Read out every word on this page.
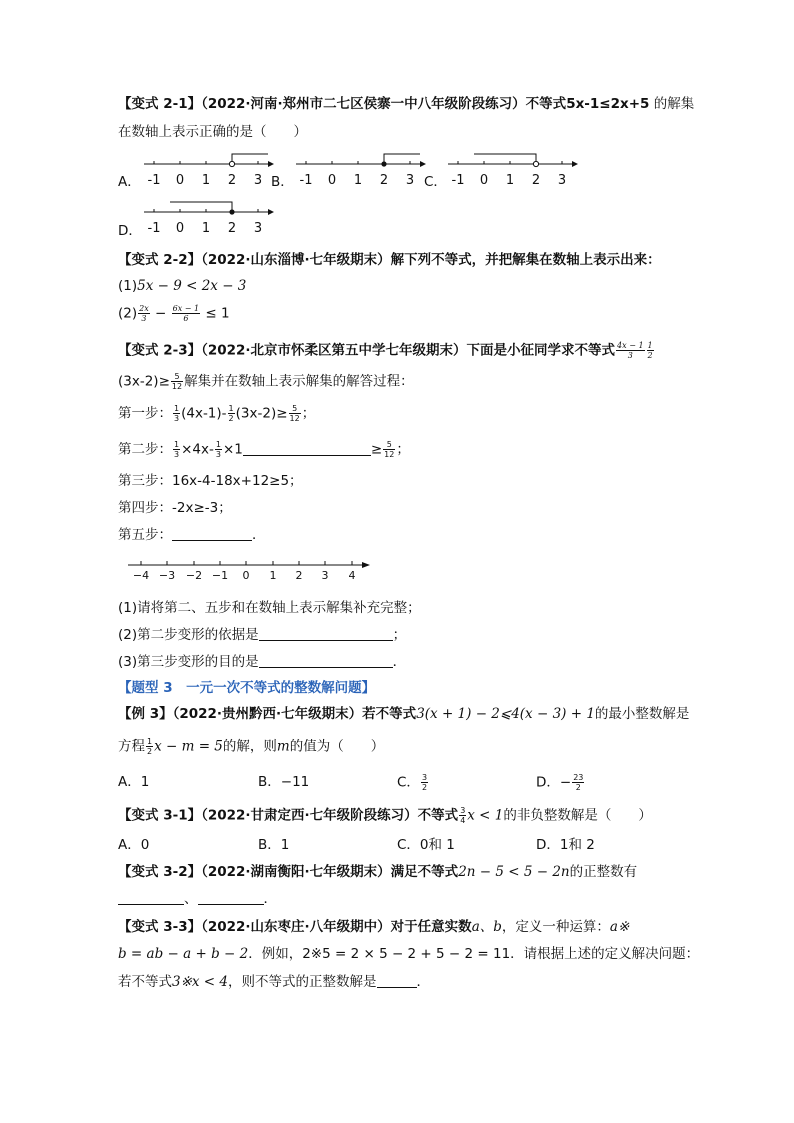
【变式 2-1】（2022·河南·郑州市二七区侯寨一中八年级阶段练习）不等式5x-1≤2x+5 的解集
在数轴上表示正确的是（　　）
A． -1 0 1 2 3 B． -1 0 1 2 3 C． -1 0 1 2 3
D． -1 0 1 2 3
【变式 2-2】（2022·山东淄博·七年级期末）解下列不等式，并把解集在数轴上表示出来：
(1)5x − 9 < 2x − 3
$(2) \frac{2x}{3} - \frac{6x - 1}{6} \le 1$
【变式 2-3】（2022·北京市怀柔区第五中学七年级期末）下面是小征同学求不等式 $\frac{4x - 1}{3} \frac{1}{2}$
$(3x-2)\ge \frac{5}{12}$ 解集并在数轴上表示解集的解答过程：
第一步： $\frac{1}{3} (4x-1)- \frac{1}{2} (3x-2)\ge \frac{5}{12}$ ；
第二步： $\frac{1}{3} \times 4x- \frac{1}{3} \times 1$	≥ $\frac{5}{12}$ ；
第三步：16x-4-18x+12≥5；
第四步：-2x≥-3；
第五步：	．
−4 −3 −2 −1 0 1 2 3 4
(1)请将第二、五步和在数轴上表示解集补充完整；
(2)第二步变形的依据是	；
(3)第三步变形的目的是	．
【题型 3　一元一次不等式的整数解问题】
【例 3】（2022·贵州黔西·七年级期末）若不等式3(x + 1) − 2⩽4(x − 3) + 1的最小整数解是
方程 $\frac{1}{2}$ x − m = 5的解，则m的值为（　　）
A．1	B．−11	C． $\frac{3}{2}$	D．− $\frac{23}{2}$
【变式 3-1】（2022·甘肃定西·七年级阶段练习）不等式 $\frac{3}{4}$ x < 1的非负整数解是（　　）
A．0	B．1	C．0和 1	D．1和 2
【变式 3-2】（2022·湖南衡阳·七年级期末）满足不等式2n − 5 < 5 − 2n的正整数有
、	．
【变式 3-3】（2022·山东枣庄·八年级期中）对于任意实数a、b，定义一种运算：a※
b = ab − a + b − 2．例如，2※5 = 2 × 5 − 2 + 5 − 2 = 11．请根据上述的定义解决问题：
若不等式3※x < 4，则不等式的正整数解是	．
